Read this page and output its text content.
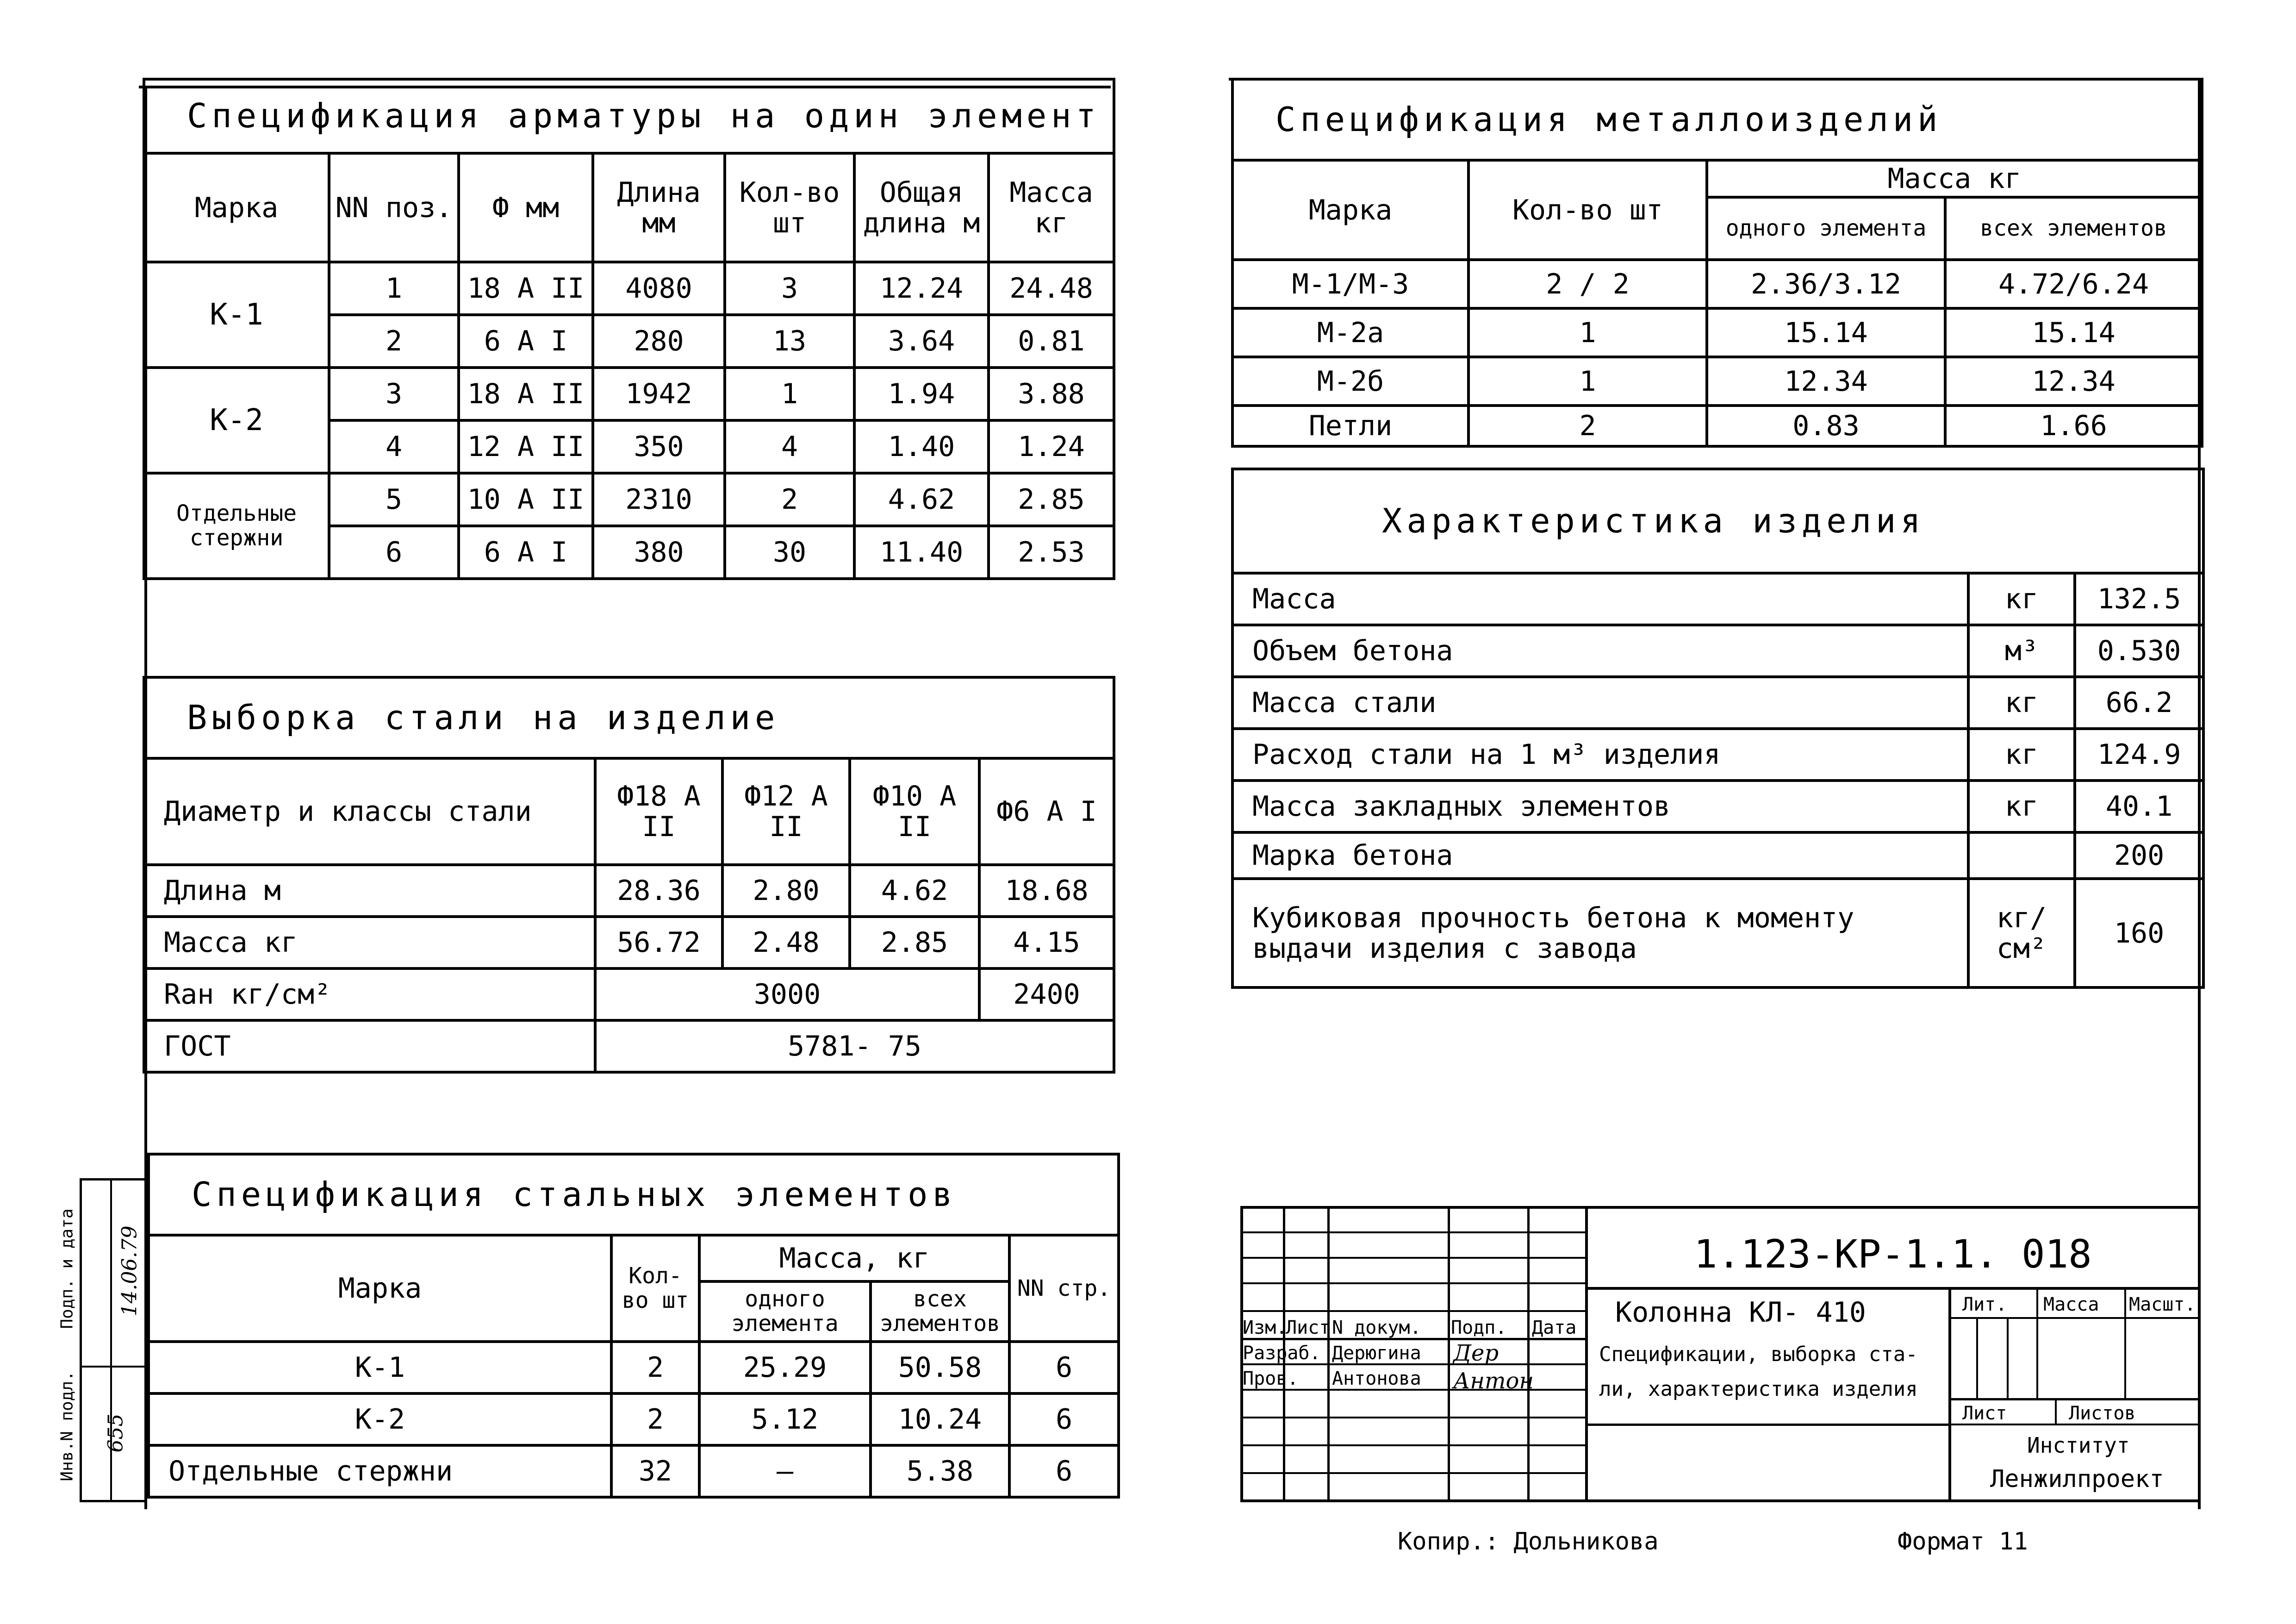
Спецификация арматуры на один элемент						
Марка	NN поз.	Ф мм	Длина мм	Кол-во шт	Общая длина м	Масса кг
К-1	1	18 А II	4080	3	12.24	24.48
	2	6 А I	280	13	3.64	0.81
К-2	3	18 А II	1942	1	1.94	3.88
	4	12 А II	350	4	1.40	1.24
Отдельные стержни	5	10 А II	2310	2	4.62	2.85
	6	6 А I	380	30	11.40	2.53
Выборка стали на изделие				
Диаметр и классы стали	Ф18 А II	Ф12 А II	Ф10 А II	Ф6 А I
Длина м	28.36	2.80	4.62	18.68
Масса кг	56.72	2.48	2.85	4.15
Raн кг/см²	3000			2400
ГОСТ	5781- 75			
Спецификация стальных элементов				
Марка	Кол-во шт	Масса, кг		NN стр.
		одного элемента	всех элементов	
К-1	2	25.29	50.58	6
К-2	2	5.12	10.24	6
Отдельные стержни	32	—	5.38	6
Спецификация металлоизделий			
Марка	Кол-во шт	Масса кг	
		одного элемента	всех элементов
М-1/М-3	2 / 2	2.36/3.12	4.72/6.24
М-2а	1	15.14	15.14
М-2б	1	12.34	12.34
Петли	2	0.83	1.66
Характеристика изделия		
Масса	кг	132.5
Объем бетона	м³	0.530
Масса стали	кг	66.2
Расход стали на 1 м³ изделия	кг	124.9
Масса закладных элементов	кг	40.1
Марка бетона		200
Кубиковая прочность бетона к моменту выдачи изделия с завода	кг/см²	160
Изм.
Лист N докум. Подп. Дата
Разраб. Дерюгина Дер
Пров. Антонова Антон
1.123-КР-1.1. 018
Колонна КЛ- 410
Спецификации, выборка ста-
ли, характеристика изделия
Лит. Масса Масшт.
Лист	Листов
Институт
Ленжилпроект
Инв.N подл. 655
Подп. и дата 14.06.79
Копир.: Дольникова	Формат 11
